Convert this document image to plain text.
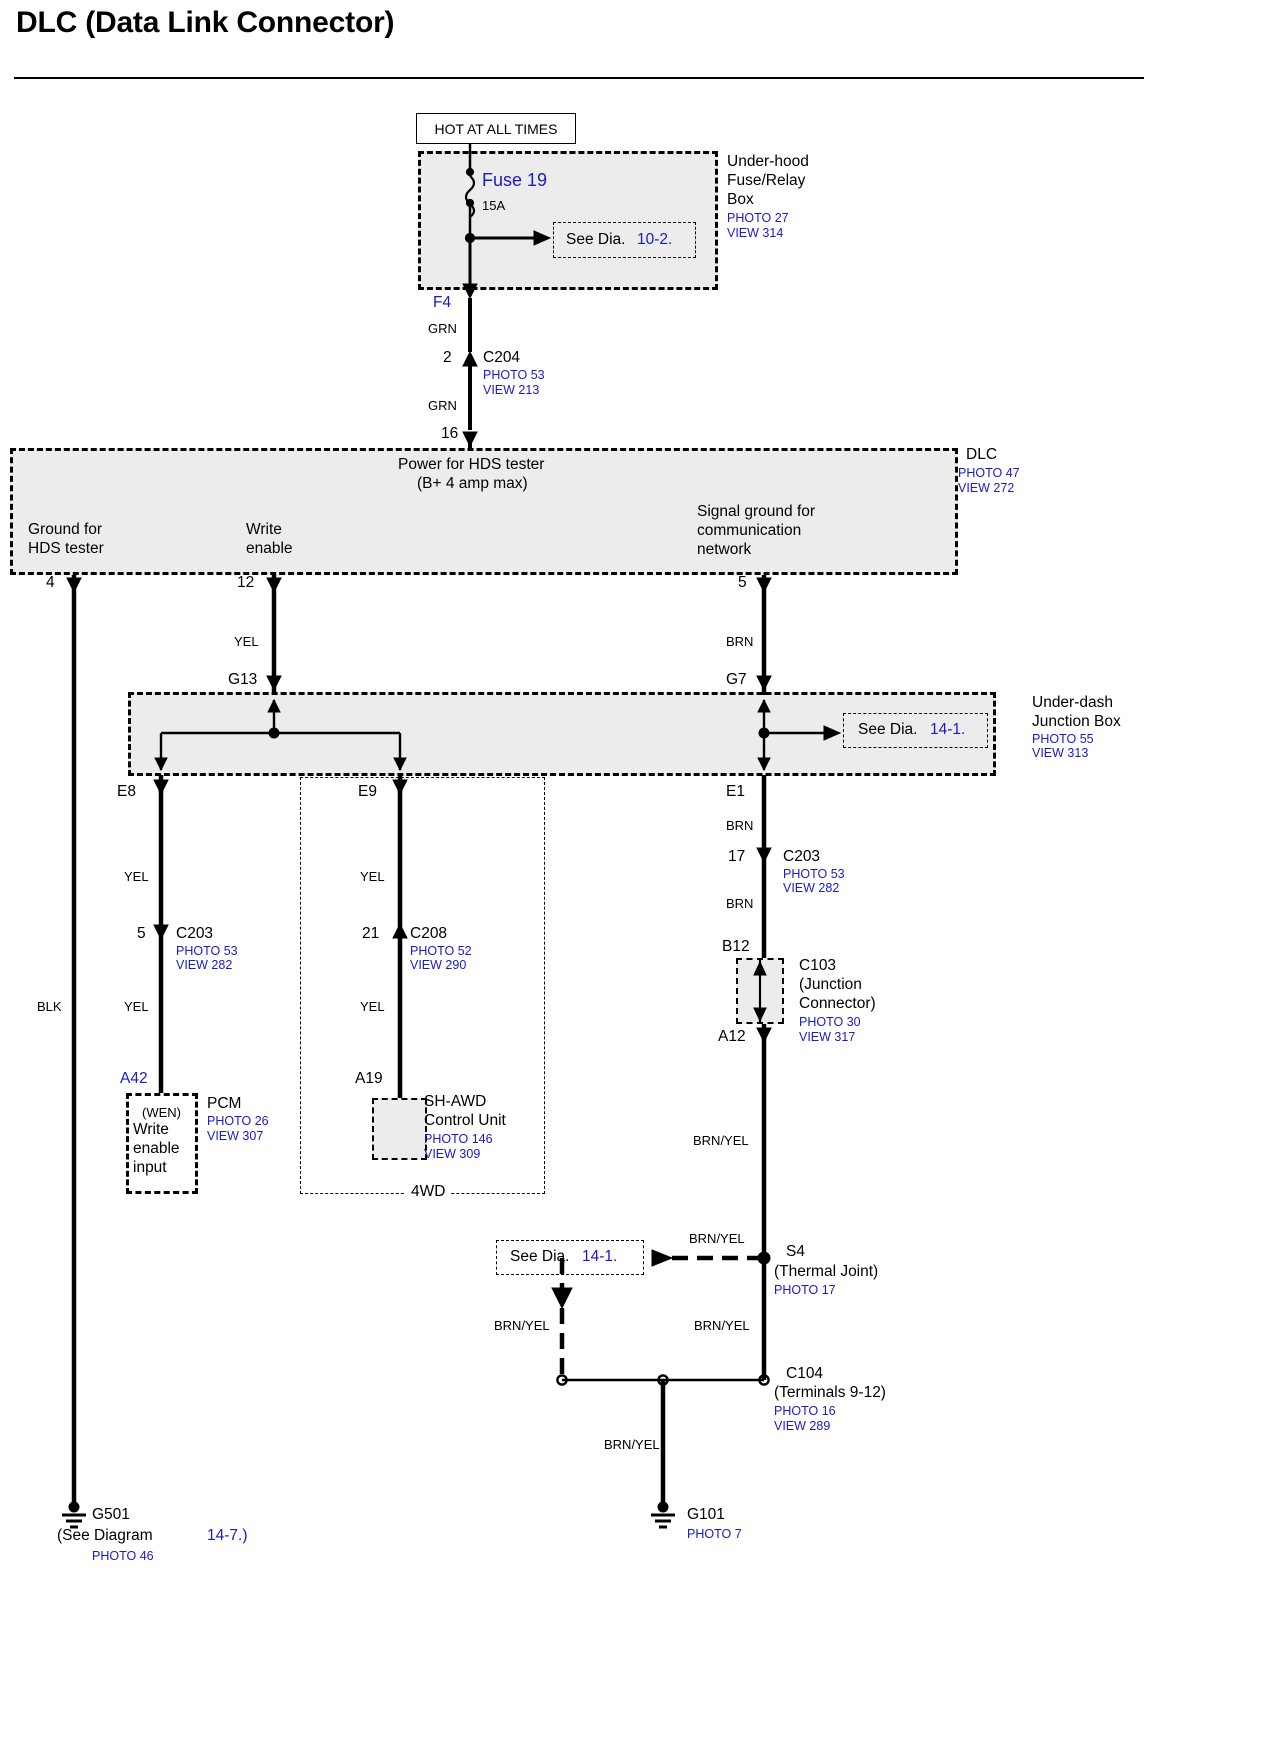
DLC (Data Link Connector)
HOT AT ALL TIMES
Fuse 19
15A
See Dia. 10-2.
Under-hood
Fuse/Relay
Box
PHOTO 27
VIEW 314
F4
GRN
2 C204
PHOTO 53
VIEW 213
GRN
16
Power for HDS tester
(B+ 4 amp max)
DLC
PHOTO 47
VIEW 272
Ground for
HDS tester
Write
enable
Signal ground for
communication
network
4	12	5
YEL	BRN
G13	G7
Under-dash
Junction Box
PHOTO 55
VIEW 313
See Dia. 14-1.
E8	E9	E1
BRN
17 C203
PHOTO 53
VIEW 282
BRN
YEL	YEL
5 C203
PHOTO 53
VIEW 282
21 C208
PHOTO 52
VIEW 290
B12
C103
(Junction
Connector)
PHOTO 30
VIEW 317
A12
YEL	YEL
BLK
A42	A19
(WEN)
Write
enable
input
PCM
PHOTO 26
VIEW 307
4WD
SH-AWD
Control Unit
PHOTO 146
VIEW 309
BRN/YEL
See Dia. 14-1.
BRN/YEL
S4
(Thermal Joint)
PHOTO 17
BRN/YEL	BRN/YEL
C104
(Terminals 9-12)
PHOTO 16
VIEW 289
BRN/YEL
G501
(See Diagram	14-7.)
PHOTO 46
G101
PHOTO 7
